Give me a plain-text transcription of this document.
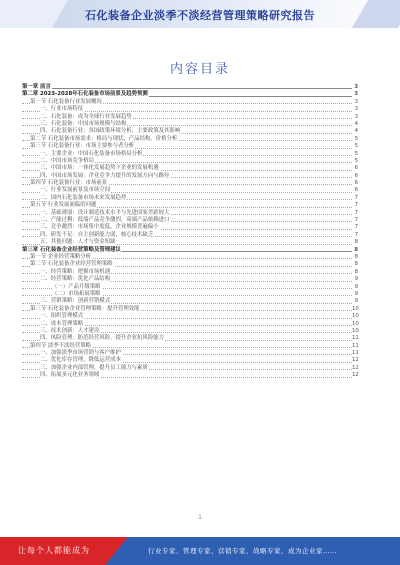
石化装备企业淡季不淡经营管理策略研究报告
内容目录
第一章 前言	3
第二章 2023-2028年石化装备市场前景及趋势预测	3
第一节 石化装备行业发展概况	3
一、行业市场特征	3
二、石化装备：成为全球行业发展趋势	3
三、石化装备：中国市场规模与结构	4
四、石化装备行业：各国政策环境分析，主要政策及其影响	4
第二节 石化装备市场需求：格局与现状，产品结构，价格分析	5
第三节 石化装备行业：市场主要参与者分析	5
一、主要企业：中国石化装备市场格局分析	5
二、中国市场竞争格局	5
三、中国市场：一体化发展趋势下企业的发展机遇	6
四、中国市场发展：企业竞争力提升的发展方向与路径	6
第四节 石化装备行业：市场前景	6
一、行业发展前景及市场空间	6
二、国内石化装备市场未来发展趋势	7
第五节 行业发展面临的问题	7
一、基础薄弱：设计制造技术水平与先进国家差距较大	7
二、产能过剩：低端产品竞争激烈，高端产品依赖进口	7
三、竞争激烈：市场集中度低，企业规模普遍偏小	7
四、研发不足：自主创新能力弱，核心技术缺乏	7
五、其他问题：人才与资金短缺	8
第三章 石化装备企业经营策略及管理建议	8
第一节 企业经营策略分析	8
第二节 石化装备企业经营管理策略	8
一、经营策略：把握市场机遇	8
二、经营策略：优化产品结构	9
（一）产品升级策略	9
（二）市场拓展策略	9
三、营销策略：创新营销模式	9
第三节 石化装备企业管理策略：提升管理效能	10
一、组织管理模式	10
二、成本管理策略	10
三、技术创新：人才建设	10
四、风险管理：防范经营风险，提升企业抗风险能力	11
第四节 淡季不淡经营策略	11
一、加强淡季市场营销与客户维护	11
二、优化库存管理，降低运营成本	12
三、加强企业内部管理，提升员工能力与素质	12
四、拓展多元化业务领域	12
1
让每个人都能成为	行业专家、管理专家、营销专家、战略专家、成为企业家……
